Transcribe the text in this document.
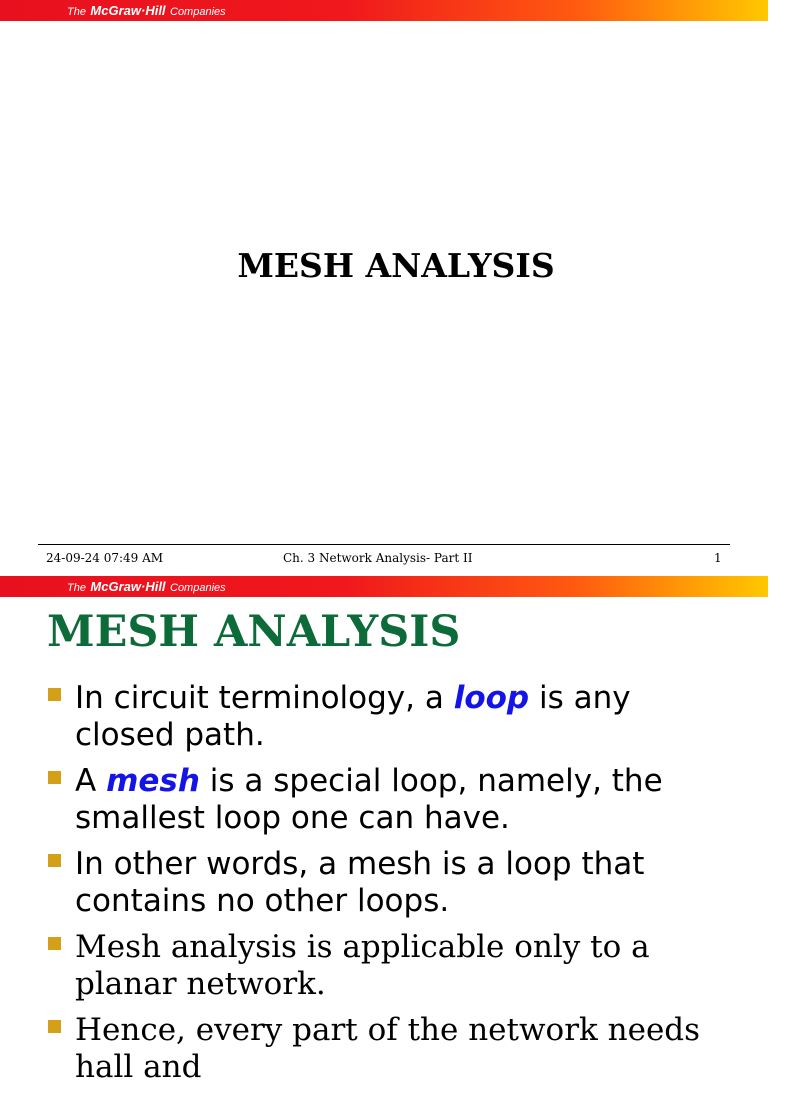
The McGraw·Hill Companies
MESH ANALYSIS
24-09-24 07:49 AM	Ch. 3 Network Analysis- Part II	1
The McGraw·Hill Companies
MESH ANALYSIS
In circuit terminology, a loop is any closed path.
A mesh is a special loop, namely, the smallest loop one can have.
In other words, a mesh is a loop that contains no other loops.
Mesh analysis is applicable only to a planar network.
Hence, every part of the network needs hall and
